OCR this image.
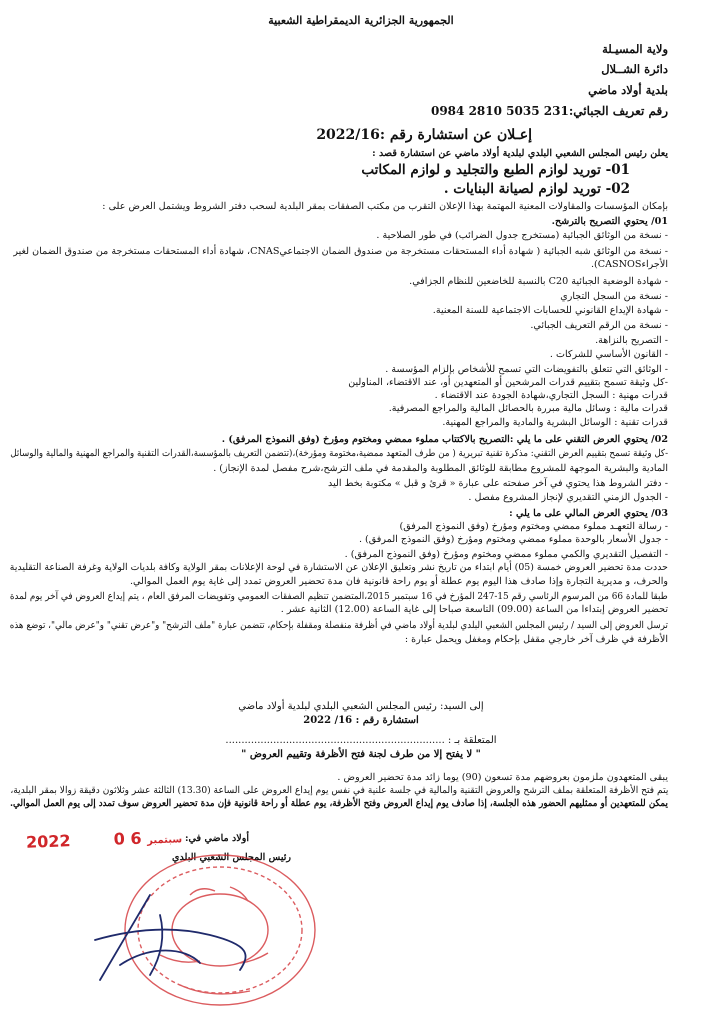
الجمهورية الجزائرية الديمقراطية الشعبية
ولاية المسيـلة
دائرة الشــلال
بلدية أولاد ماضي
رقم تعريف الجبائي:231 5035 2810 0984
إعـلان عن استشارة رقم :2022/16
يعلن رئيس المجلس الشعبي البلدي لبلدية أولاد ماضي عن استشارة قصد :
01- توريد لوازم الطبع والتجليد و لوازم المكاتب
02- توريد لوازم لصيانة البنايات .
بإمكان المؤسسات والمقاولات المعنية المهتمة بهذا الإعلان التقرب من مكتب الصفقات بمقر البلدية لسحب دفتر الشروط ويشتمل العرض على :
01/ يحتوي التصريح بالترشح.
- نسخة من الوثائق الجبائية (مستخرج جدول الضرائب) في طور الصلاحية .
- نسخة من الوثائق شبه الجبائية ( شهادة أداء المستحقات مستخرجة من صندوق الضمان الاجتماعيCNAS، شهادة أداء المستحقات مستخرجة من صندوق الضمان لغير
الأجراءCASNOS).
- شهادة الوضعية الجبائية C20 بالنسبة للخاضعين للنظام الجزافي.
- نسخة من السجل التجاري
- شهادة الإيداع القانوني للحسابات الاجتماعية للسنة المعنية.
- نسخة من الرقم التعريف الجبائي.
- التصريح بالنزاهة.
- القانون الأساسي للشركات .
- الوثائق التي تتعلق بالتفويضات التي تسمح للأشخاص بإلزام المؤسسة .
-كل وثيقة تسمح بتقييم قدرات المرشحين أو المتعهدين أو، عند الاقتضاء، المناولين
قدرات مهنية : السجل التجاري،شهادة الجودة عند الاقتضاء .
قدرات مالية : وسائل مالية مبررة بالحصائل المالية والمراجع المصرفية.
قدرات تقنية : الوسائل البشرية والمادية والمراجع المهنية.
02/ يحتوي العرض التقني على ما يلي :التصريح بالاكتتاب مملوء ممضي ومختوم ومؤرخ (وفق النموذج المرفق) .
-كل وثيقة تسمح بتقييم العرض التقني: مذكرة تقنية تبريرية ( من طرف المتعهد ممضية،مختومة ومؤرخة)،(تتضمن التعريف بالمؤسسة،القدرات التقنية والمراجع المهنية والمالية والوسائل
المادية والبشرية الموجهة للمشروع مطابقة للوثائق المطلوبة والمقدمة في ملف الترشح،شرح مفصل لمدة الإنجاز) .
- دفتر الشروط هذا يحتوي في آخر صفحته على عبارة « قرئ و قبل » مكتوبة بخط اليد
- الجدول الزمني التقديري لإنجاز المشروع مفصل .
03/ يحتوي العرض المالي على ما يلي :
- رسالة التعهـد مملوء ممضي ومختوم ومؤرخ (وفق النموذج المرفق)
- جدول الأسعار بالوحدة مملوء ممضي ومختوم ومؤرخ (وفق النموذج المرفق) .
- التفصيل التقديري والكمي مملوء ممضي ومختوم ومؤرخ (وفق النموذج المرفق) .
حددت مدة تحضير العروض خمسة (05) أيام ابتداء من تاريخ نشر وتعليق الإعلان عن الاستشارة في لوحة الإعلانات بمقر الولاية وكافة بلديات الولاية وغرفة الصناعة التقليدية
والحرف، و مديرية التجارة وإذا صادف هذا اليوم يوم عطلة أو يوم راحة قانونية فان مدة تحضير العروض تمدد إلى غاية يوم العمل الموالي.
طبقا للمادة 66 من المرسوم الرئاسي رقم 15-247 المؤرخ في 16 سبتمبر 2015،المتضمن تنظيم الصفقات العمومي وتفويضات المرفق العام ، يتم إيداع العروض في آخر يوم لمدة
تحضير العروض إبتداءا من الساعة (09.00) التاسعة صباحا إلى غاية الساعة (12.00) الثانية عشر .
ترسل العروض إلى السيد / رئيس المجلس الشعبي البلدي لبلدية أولاد ماضي في أظرفة منفصلة ومقفلة بإحكام، تتضمن عبارة "ملف الترشح" و"عرض تقني" و"عرض مالي"، توضع هذه
الأظرفة في ظرف آخر خارجي مقفل بإحكام ومغفل ويحمل عبارة :
إلى السيد: رئيس المجلس الشعبي البلدي لبلدية أولاد ماضي
استشارة رقم : 16/ 2022
المتعلقة بـ : .....................................................................
" لا يفتح إلا من طرف لجنة فتح الأظرفة وتقييم العروض "
يبقى المتعهدون ملزمون بعروضهم مدة تسعون (90) يوما زائد مدة تحضير العروض .
يتم فتح الأظرفة المتعلقة بملف الترشح والعروض التقنية والمالية في جلسة علنية في نفس يوم إيداع العروض على الساعة (13.30) الثالثة عشر وثلاثون دقيقة زوالا بمقر البلدية،
يمكن للمتعهدين أو ممثليهم الحضور هذه الجلسة، إذا صادف يوم إيداع العروض وفتح الأظرفة، يوم عطلة أو راحة قانونية فإن مدة تحضير العروض سوف تمدد إلى يوم العمل الموالي.
أولاد ماضي في:
رئيس المجلس الشعبي البلدي
2022	0 6 سبتمبر
